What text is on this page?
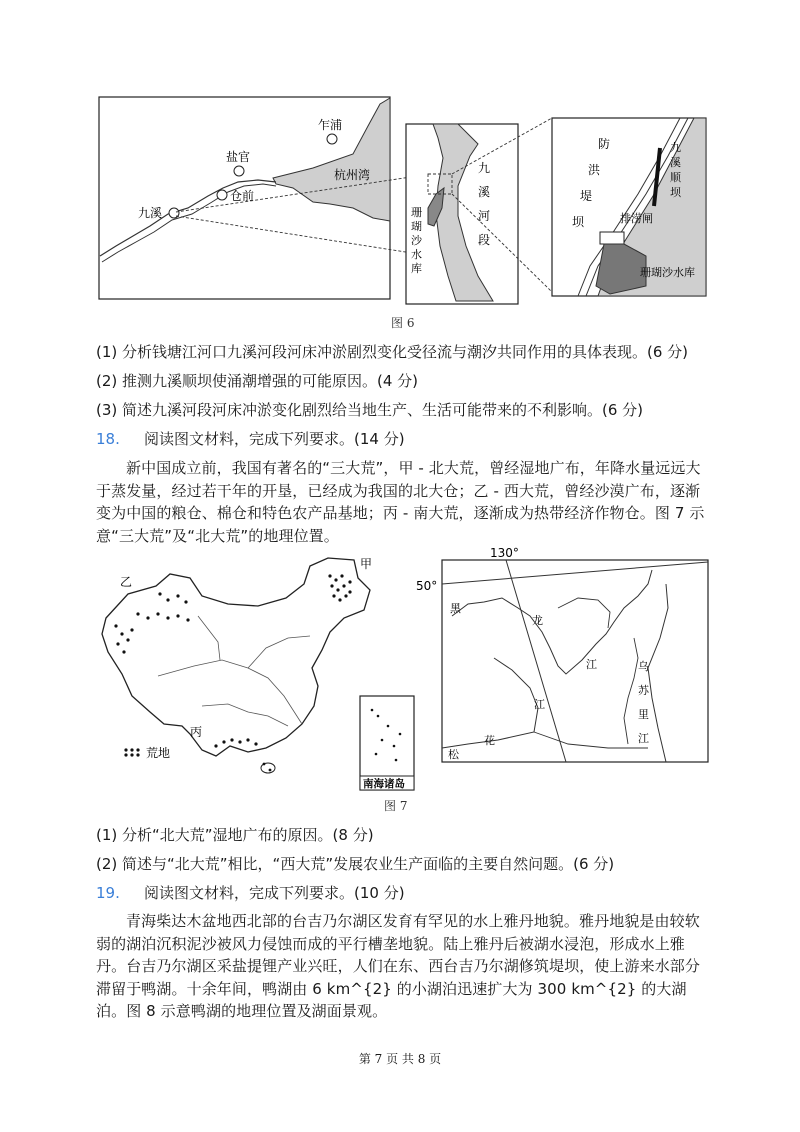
乍浦
盐官
仓前
九溪
杭州湾	九
溪
河
段
珊
瑚
沙
水
库
防
洪
堤
坝
九
溪
顺
坝
排涝闸
珊瑚沙水库
图 6
(1) 分析钱塘江河口九溪河段河床冲淤剧烈变化受径流与潮汐共同作用的具体表现。(6 分)
(2) 推测九溪顺坝使涌潮增强的可能原因。(4 分)
(3) 简述九溪河段河床冲淤变化剧烈给当地生产、生活可能带来的不利影响。(6 分)
18. 阅读图文材料，完成下列要求。(14 分)
新中国成立前，我国有著名的“三大荒”，甲 - 北大荒，曾经湿地广布，年降水量远远大于蒸发量，经过若干年的开垦，已经成为我国的北大仓；乙 - 西大荒，曾经沙漠广布，逐渐变为中国的粮仓、棉仓和特色农产品基地；丙 - 南大荒，逐渐成为热带经济作物仓。图 7 示意“三大荒”及“北大荒”的地理位置。
甲
乙
丙
荒地
南海诸岛
130°
50°
黑
龙
江
松
花
江
乌
苏
里
江
图 7
(1) 分析“北大荒”湿地广布的原因。(8 分)
(2) 简述与“北大荒”相比，“西大荒”发展农业生产面临的主要自然问题。(6 分)
19. 阅读图文材料，完成下列要求。(10 分)
青海柴达木盆地西北部的台吉乃尔湖区发育有罕见的水上雅丹地貌。雅丹地貌是由较软弱的湖泊沉积泥沙被风力侵蚀而成的平行槽垄地貌。陆上雅丹后被湖水浸泡，形成水上雅丹。台吉乃尔湖区采盐提锂产业兴旺，人们在东、西台吉乃尔湖修筑堤坝，使上游来水部分滞留于鸭湖。十余年间，鸭湖由 6 km^{2} 的小湖泊迅速扩大为 300 km^{2} 的大湖泊。图 8 示意鸭湖的地理位置及湖面景观。
第 7 页 共 8 页
